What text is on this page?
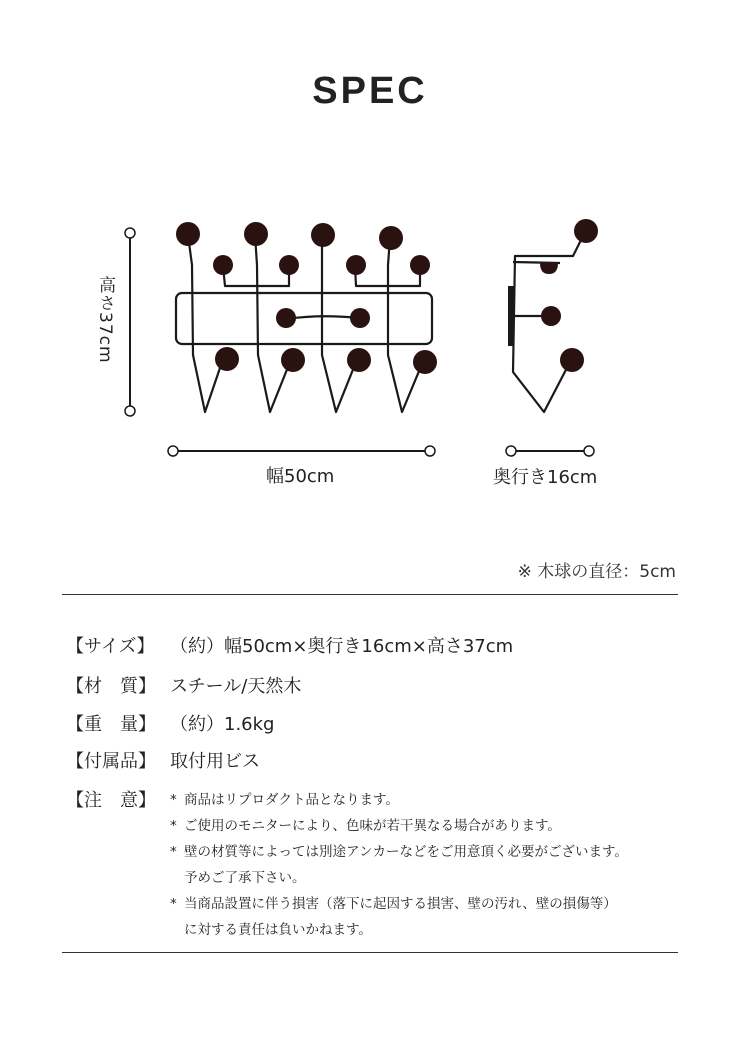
SPEC
高さ37cm
幅50cm	奥行き16cm
※ 木球の直径：5cm
【サイズ】 （約）幅50cm×奥行き16cm×高さ37cm
【材　質】 スチール/天然木
【重　量】 （約）1.6kg
【付属品】 取付用ビス
【注　意】	* 商品はリプロダクト品となります。
* ご使用のモニターにより、色味が若干異なる場合があります。
* 壁の材質等によっては別途アンカーなどをご用意頂く必要がございます。
予めご了承下さい。
* 当商品設置に伴う損害（落下に起因する損害、壁の汚れ、壁の損傷等）
に対する責任は負いかねます。
